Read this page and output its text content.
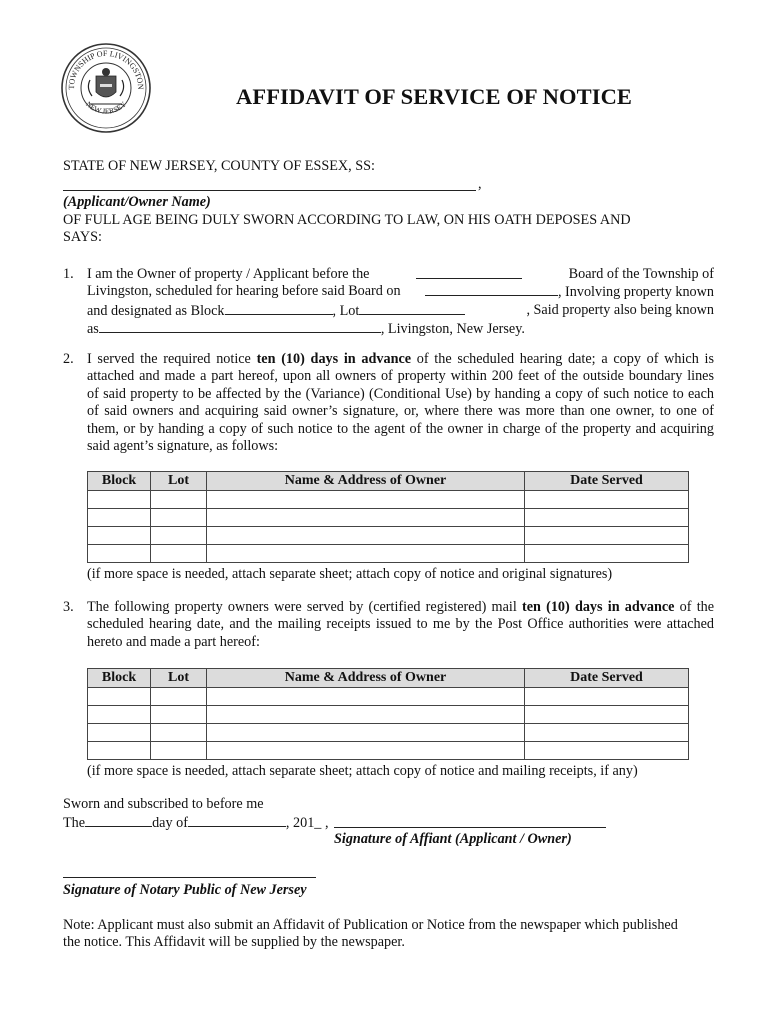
TOWNSHIP OF LIVINGSTON
NEW JERSEY	AFFIDAVIT OF SERVICE OF NOTICE
STATE OF NEW JERSEY, COUNTY OF ESSEX, SS:
,
(Applicant/Owner Name)
OF FULL AGE BEING DULY SWORN ACCORDING TO LAW, ON HIS OATH DEPOSES AND
SAYS:
1. I am the Owner of property / Applicant before the	Board of the Township of
Livingston, scheduled for hearing before said Board on	, Involving property known
and designated as Block	, Lot	, Said property also being known
as	, Livingston, New Jersey.
2. I served the required notice ten (10) days in advance of the scheduled hearing date; a copy of which is
attached and made a part hereof, upon all owners of property within 200 feet of the outside boundary lines
of said property to be affected by the (Variance) (Conditional Use) by handing a copy of such notice to each
of said owners and acquiring said owner’s signature, or, where there was more than one owner, to one of
them, or by handing a copy of such notice to the agent of the owner in charge of the property and acquiring
said agent’s signature, as follows:
Block	Lot	Name & Address of Owner	Date Served

(if more space is needed, attach separate sheet; attach copy of notice and original signatures)
3. The following property owners were served by (certified registered) mail ten (10) days in advance of the
scheduled hearing date, and the mailing receipts issued to me by the Post Office authorities were attached
hereto and made a part hereof:
Block	Lot	Name & Address of Owner	Date Served

(if more space is needed, attach separate sheet; attach copy of notice and mailing receipts, if any)
Sworn and subscribed to before me
The	day of	, 201_ ,
Signature of Affiant (Applicant / Owner)
Signature of Notary Public of New Jersey
Note: Applicant must also submit an Affidavit of Publication or Notice from the newspaper which published
the notice. This Affidavit will be supplied by the newspaper.
